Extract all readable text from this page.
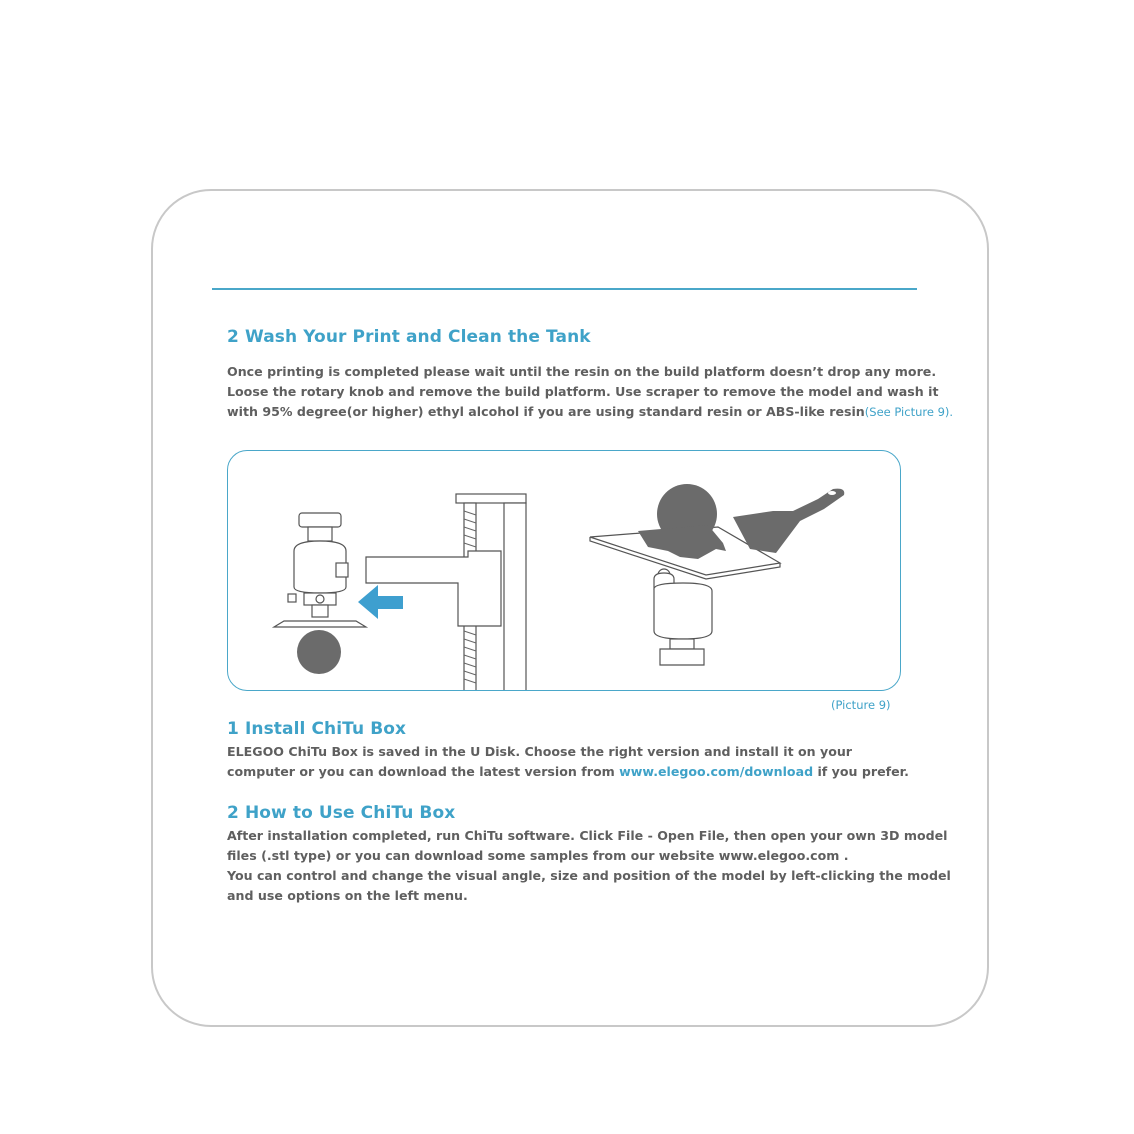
2 Wash Your Print and Clean the Tank

Once printing is completed please wait until the resin on the build platform doesn’t drop any more.
Loose the rotary knob and remove the build platform. Use scraper to remove the model and wash it
with 95% degree(or higher) ethyl alcohol if you are using standard resin or ABS-like resin(See Picture 9).

(Picture 9)

1 Install ChiTu Box

ELEGOO ChiTu Box is saved in the U Disk. Choose the right version and install it on your
computer or you can download the latest version from www.elegoo.com/download if you prefer.

2 How to Use ChiTu Box

After installation completed, run ChiTu software. Click File - Open File, then open your own 3D model
files (.stl type) or you can download some samples from our website www.elegoo.com .
You can control and change the visual angle, size and position of the model by left-clicking the model
and use options on the left menu.
